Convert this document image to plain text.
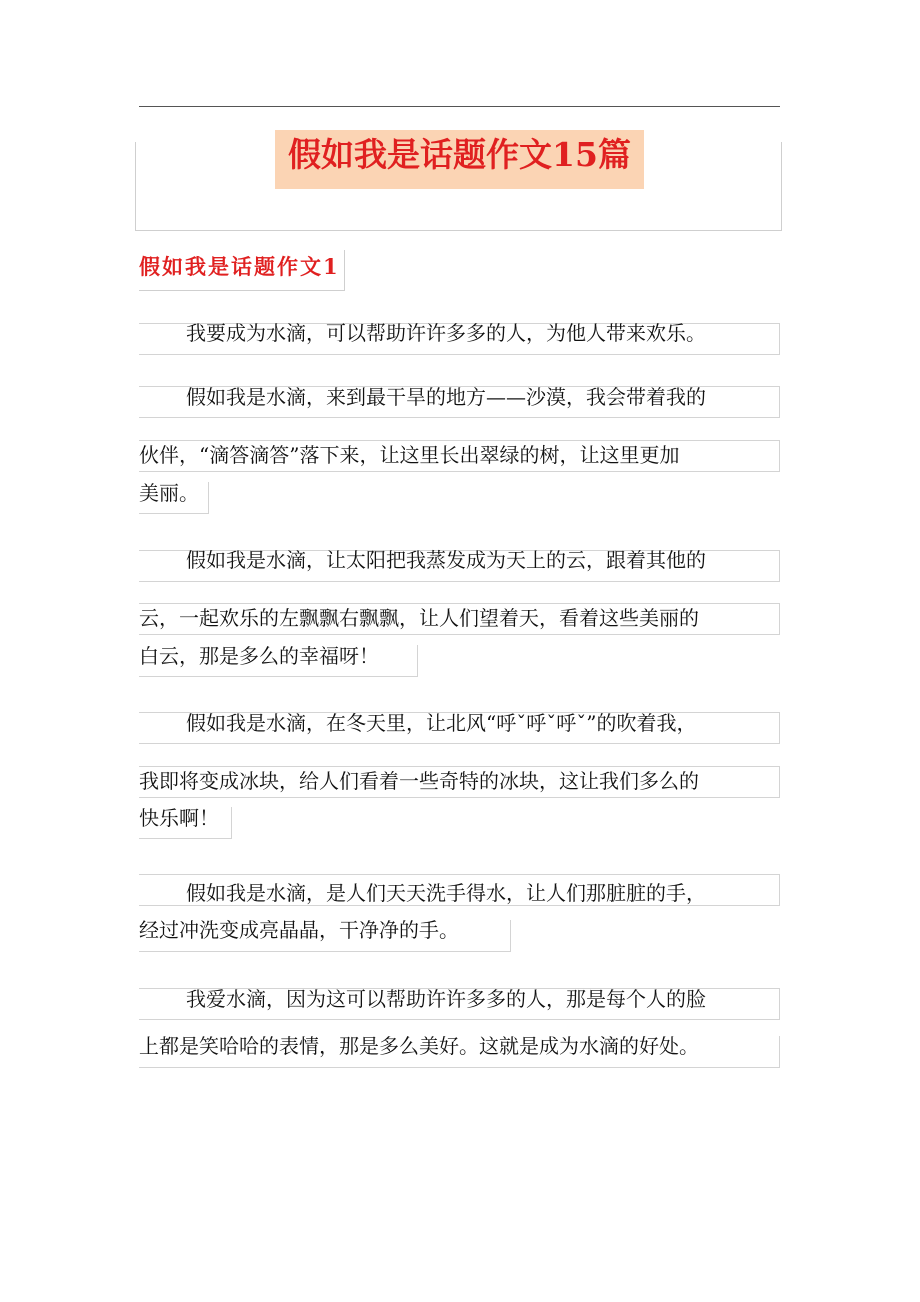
假如我是话题作文15篇
假如我是话题作文1
我要成为水滴，可以帮助许许多多的人，为他人带来欢乐。
假如我是水滴，来到最干旱的地方——沙漠，我会带着我的
伙伴，“滴答滴答”落下来，让这里长出翠绿的树，让这里更加
美丽。
假如我是水滴，让太阳把我蒸发成为天上的云，跟着其他的
云，一起欢乐的左飘飘右飘飘，让人们望着天，看着这些美丽的
白云，那是多么的幸福呀！
假如我是水滴，在冬天里，让北风“呼ˇ呼ˇ呼ˇ”的吹着我，
我即将变成冰块，给人们看着一些奇特的冰块，这让我们多么的
快乐啊！
假如我是水滴，是人们天天洗手得水，让人们那脏脏的手，
经过冲洗变成亮晶晶，干净净的手。
我爱水滴，因为这可以帮助许许多多的人，那是每个人的脸
上都是笑哈哈的表情，那是多么美好。这就是成为水滴的好处。
